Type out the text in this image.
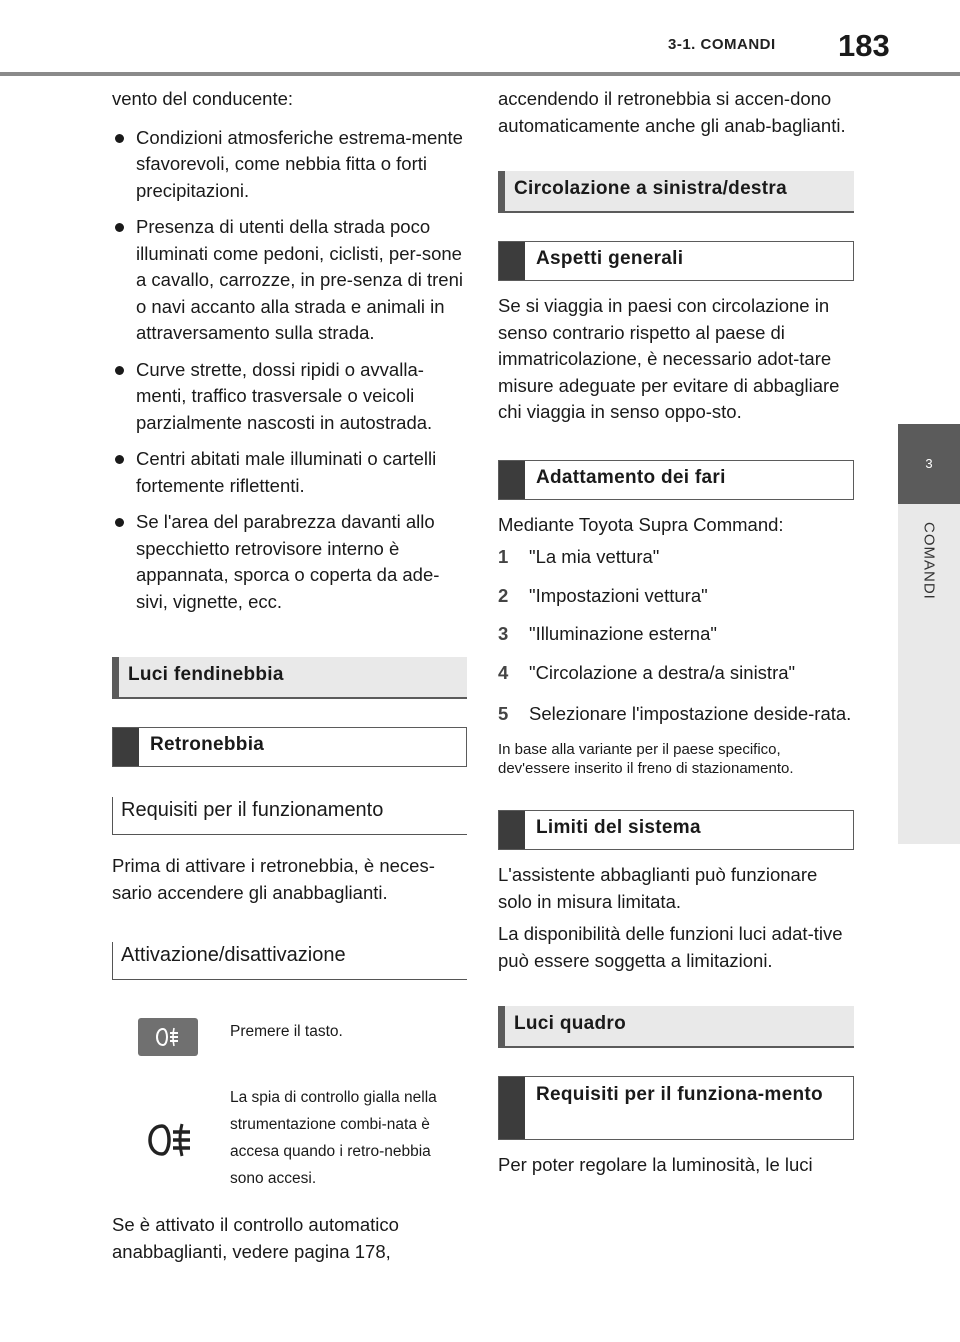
3-1. COMANDI 183
3
COMANDI

vento del conducente:

Condizioni atmosferiche estrema-mente sfavorevoli, come nebbia fitta o forti precipitazioni.
Presenza di utenti della strada poco illuminati come pedoni, ciclisti, per-sone a cavallo, carrozze, in pre-senza di treni o navi accanto alla strada e animali in attraversamento sulla strada.
Curve strette, dossi ripidi o avvalla-menti, traffico trasversale o veicoli parzialmente nascosti in autostrada.
Centri abitati male illuminati o cartelli fortemente riflettenti.
Se l'area del parabrezza davanti allo specchietto retrovisore interno è appannata, sporca o coperta da ade-sivi, vignette, ecc.
Luci fendinebbia
Retronebbia
Requisiti per il funzionamento

Prima di attivare i retronebbia, è neces-sario accendere gli anabbaglianti.

Attivazione/disattivazione
Premere il tasto.
La spia di controllo gialla nella strumentazione combi-nata è accesa quando i retro-nebbia sono accesi.

Se è attivato il controllo automatico anabbaglianti, vedere pagina 178,

accendendo il retronebbia si accen-dono automaticamente anche gli anab-baglianti.

Circolazione a sinistra/destra
Aspetti generali

Se si viaggia in paesi con circolazione in senso contrario rispetto al paese di immatricolazione, è necessario adot-tare misure adeguate per evitare di abbagliare chi viaggia in senso oppo-sto.

Adattamento dei fari

Mediante Toyota Supra Command:

1 "La mia vettura"
2 "Impostazioni vettura"
3 "Illuminazione esterna"
4 "Circolazione a destra/a sinistra"
5 Selezionare l'impostazione deside-rata.

In base alla variante per il paese specifico, dev'essere inserito il freno di stazionamento.

Limiti del sistema

L'assistente abbaglianti può funzionare solo in misura limitata.

La disponibilità delle funzioni luci adat-tive può essere soggetta a limitazioni.

Luci quadro
Requisiti per il funziona-mento

Per poter regolare la luminosità, le luci
